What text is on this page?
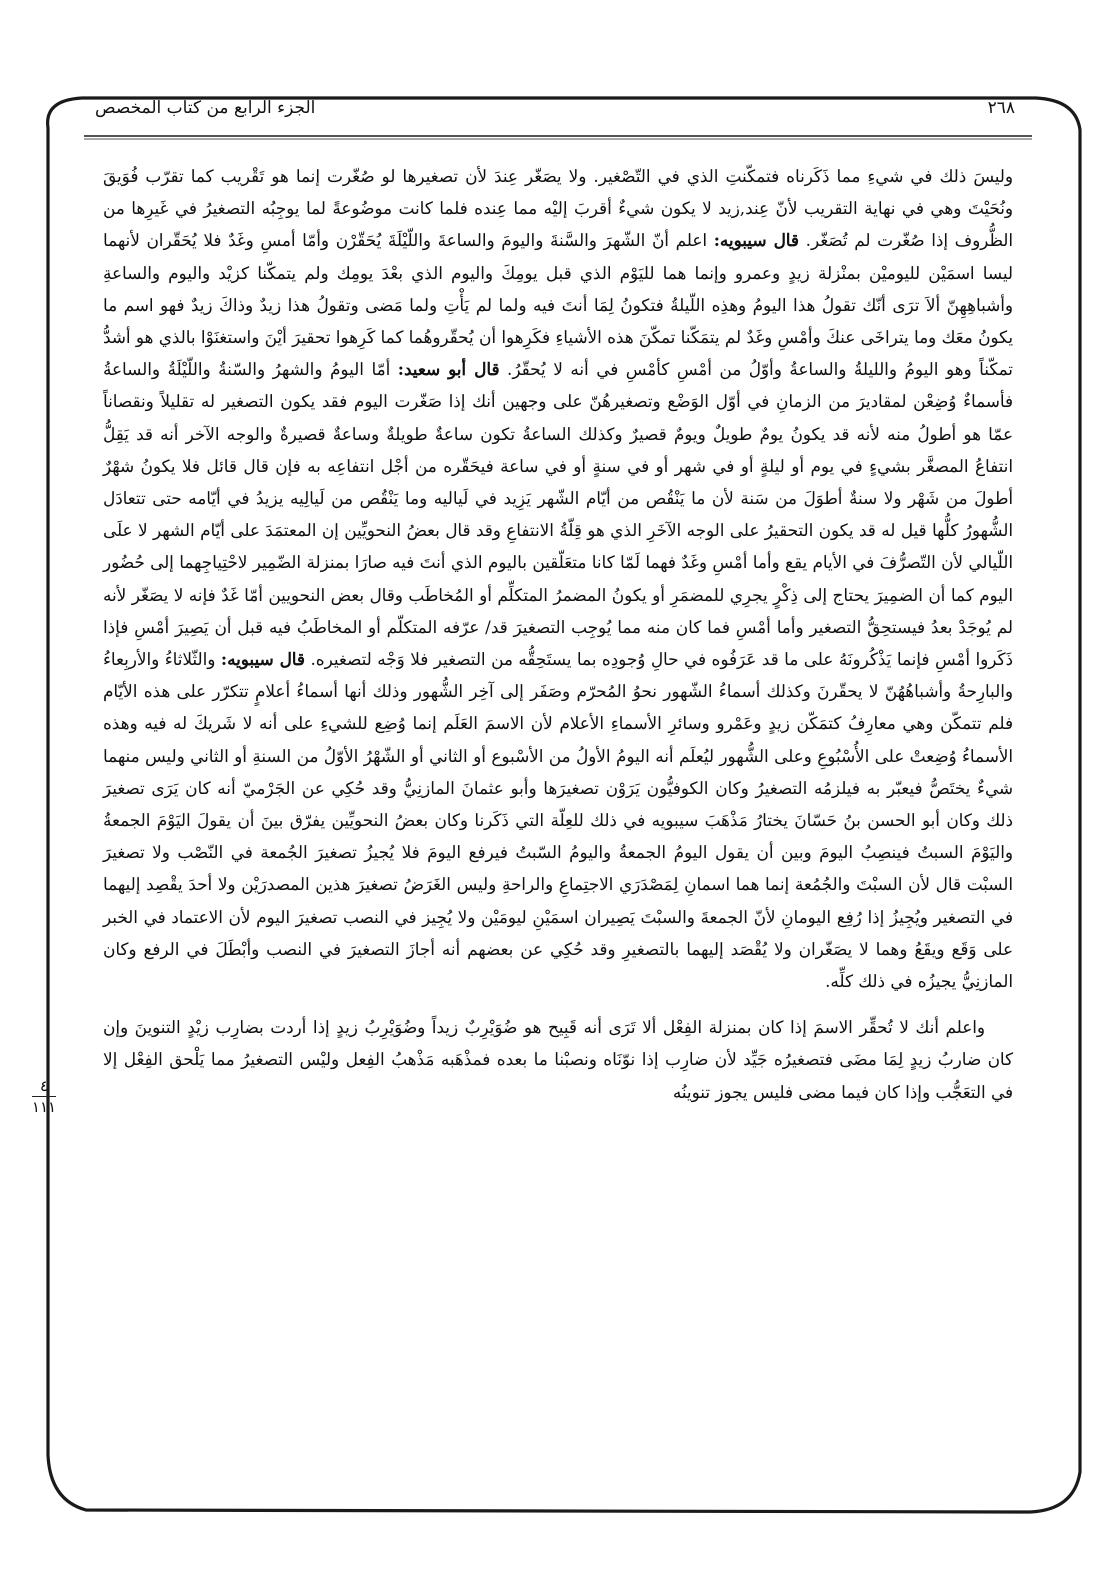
٢٦٨
الجزء الرابع من كتاب المخصص
٤
١١١

وليسَ ذلك في شيءِ مما ذَكَرناه فتمكّنتِ الذي في التّصْغير. ولا يصَغّر عِندَ لأن تصغيرها لو صُغّرت إنما هو تَقْريب كما تقرّب فُوَيقَ ونُحَيْتَ وهي في نهاية التقريب لأنّ عِند,زيد لا يكون شيءٌ أقربَ إليْه مما عِنده فلما كانت موضُوعةً لما يوجِبُه التصغيرُ في غَيرِها من الظُّروف إذا صُغّرت لم تُصَغّر. قال سيبويه: اعلم أنّ الشّهرَ والسَّنةَ واليومَ والساعةَ واللّيْلَةَ يُحَقّرْن وأمّا أمسِ وغَدٌ فلا يُحَقّران لأنهما ليسا اسمَيْن لليوميْن بمنْزلة زيدٍ وعمرو وإنما هما لليَوْم الذي قبل يومِكَ واليوم الذي بعْدَ يومِك ولم يتمكّنا كزيْد واليوم والساعةِ وأشباهِهِنّ ألاَ ترَى أنّك تقولُ هذا اليومُ وهذِه اللّيلةُ فتكونُ لِمَا أنتَ فيه ولما لم يَأْتِ ولما مَضى وتقولُ هذا زيدٌ وذاكَ زيدٌ فهو اسم ما يكونُ معَك وما يتراخَى عنكَ وأمْسِ وغَدٌ لم يتمَكّنا تمكّنَ هذه الأشياءِ فكَرِهوا أن يُحقّروهُما كما كَرِهوا تحقيرَ أيْنَ واستغنَوْا بالذي هو أشدُّ تمكّناً وهو اليومُ والليلةُ والساعةُ وأوّلُ من أمْسِ كأمْسِ في أنه لا يُحقّرُ. قال أبو سعيد: أمّا اليومُ والشهرُ والسّنةُ واللّيْلَةُ والساعةُ فأسماءٌ وُضِعْن لمقاديرَ من الزمانِ في أوّل الوَضْع وتصغيرهُنّ على وجهين أنك إذا صَغّرت اليوم فقد يكون التصغير له تقليلاً ونقصاناً عمّا هو أطولُ منه لأنه قد يكونُ يومٌ طويلٌ ويومٌ قصيرٌ وكذلك الساعةُ تكون ساعةٌ طويلةٌ وساعةٌ قصيرةٌ والوجه الآخر أنه قد يَقِلُّ انتفاعُ المصغَّر بشيءٍ في يوم أو ليلةٍ أو في شهر أو في سنةٍ أو في ساعة فيحَقّره من أجْل انتفاعِه به فإن قال قائل فلا يكونُ شهْرٌ أطولَ من شَهْر ولا سنةٌ أطوَلَ من سَنة لأن ما يَنْقُص من أيّام الشّهر يَزِيد في لَياليه وما يَنْقُص من لَيالِيه يزيدُ في أيّامه حتى تتعادَل الشُّهورُ كلُّها قيل له قد يكون التحقيرُ على الوجه الآخَرِ الذي هو قِلّةُ الانتفاعِ وقد قال بعضُ النحويِّين إن المعتمَدَ على أيّام الشهر لا علَى اللّيالي لأن التّصرُّفَ في الأيام يقع وأما أمْسِ وغَدٌ فهما لَمّا كانا متعَلّقين باليوم الذي أنتَ فيه صارَا بمنزلة الضّمِير لاحْتِياجِهما إلى حُضُور اليوم كما أن الضمِيرَ يحتاج إلى ذِكْرٍ يجرِي للمضمَرِ أو يكونُ المضمرُ المتكلِّم أو المُخاطَب وقال بعض النحويين أمّا غَدٌ فإنه لا يصَغّر لأنه لم يُوجَدْ بعدُ فيستحِقُّ التصغير وأما أمْسِ فما كان منه مما يُوجِب التصغيرَ قد/ عرّفه المتكلّم أو المخاطَبُ فيه قبل أن يَصِيرَ أمْسِ فإذا ذَكَروا أمْسِ فإنما يَذْكُرونَهُ على ما قد عَرَفُوه في حالِ وُجودِه بما يستَحِقُّه من التصغير فلا وَجْه لتصغيره. قال سيبويه: والثّلاثاءُ والأربِعاءُ والبارِحةُ وأشباهُهُنّ لا يحقّرنَ وكذلك أسماءُ الشّهور نحوُ المُحرّم وصَفَر إلى آخِر الشُّهور وذلك أنها أسماءُ أعلامٍ تتكرّر على هذه الأيّام فلم تتمكّن وهي معارِفُ كتمَكّن زيدٍ وعَمْرو وسائرِ الأسماءِ الأعلام لأن الاسمَ العَلَم إنما وُضِع للشيءِ على أنه لا شَريكَ له فيه وهذه الأسماءُ وُضِعتْ على الأُسْبُوعِ وعلى الشُّهور ليُعلَم أنه اليومُ الأولُ من الأسْبوع أو الثاني أو الشّهْرُ الأوّلُ من السنةِ أو الثاني وليس منهما شيءٌ يختَصُّ فيعبّر به فيلزمُه التصغيرُ وكان الكوفيُّون يَرَوْن تصغيرَها وأبو عثمانَ المازنِيُّ وقد حُكِي عن الجَرْميّ أنه كان يَرَى تصغيرَ ذلك وكان أبو الحسن بنُ حَسّانَ يختارُ مَذْهَبَ سيبويه في ذلك للعِلّة التي ذَكَرنا وكان بعضُ النحويِّين يفرّق بينَ أن يقولَ اليَوْمَ الجمعةُ واليَوْمَ السبتُ فينصِبُ اليومَ وبين أن يقول اليومُ الجمعةُ واليومُ السّبتُ فيرفع اليومَ فلا يُجيزُ تصغيرَ الجُمعة في النّصْب ولا تصغيرَ السبْت قال لأن السبْتَ والجُمُعة إنما هما اسمانِ لِمَصْدَرَي الاجتِماعِ والراحةِ وليس الغَرَضُ تصغيرَ هذين المصدرَيْن ولا أحدَ يقْصِد إليهما في التصغير ويُجِيزُ إذا رُفِع اليومانِ لأنّ الجمعةَ والسبْتَ يَصِيران اسمَيْنِ ليومَيْن ولا يُجِيز في النصب تصغيرَ اليوم لأن الاعتماد في الخبر على وَقَع ويقَعُ وهما لا يصَغّران ولا يُقْصَد إليهما بالتصغيرِ وقد حُكِي عن بعضهم أنه أجازَ التصغيرَ في النصب وأبْطَلَ في الرفع وكان المازنِيُّ يجيزُه في ذلك كلِّه.

واعلم أنك لا تُحقِّر الاسمَ إذا كان بمنزلة الفِعْل ألا تَرَى أنه قَبِيح هو ضُوَيْرِبٌ زيداً وضُوَيْرِبُ زيدٍ إذا أردت بضارِب زيْدٍ التنوينَ وإن كان ضاربُ زيدٍ لِمَا مضَى فتصغيرُه جَيِّد لأن ضارِب إذا نوّنَاه ونصبْنا ما بعده فمذْهَبه مَذْهبُ الفِعل وليْس التصغيرُ مما يَلْحق الفِعْل إلا في التعَجُّب وإذا كان فيما مضى فليس يجوز تنوينُه
